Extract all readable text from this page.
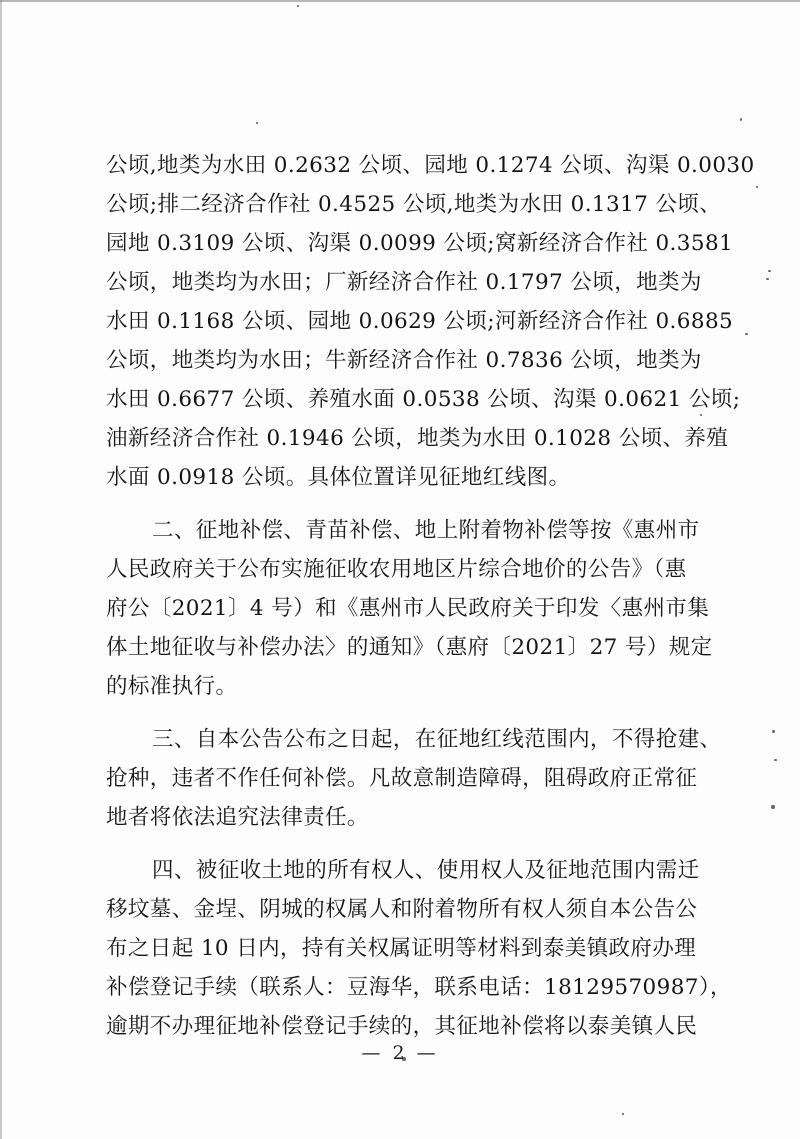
公顷,地类为水田 0.2632 公顷、园地 0.1274 公顷、沟渠 0.0030
公顷;排二经济合作社 0.4525 公顷,地类为水田 0.1317 公顷、
园地 0.3109 公顷、沟渠 0.0099 公顷;窝新经济合作社 0.3581
公顷，地类均为水田；厂新经济合作社 0.1797 公顷，地类为
水田 0.1168 公顷、园地 0.0629 公顷;河新经济合作社 0.6885
公顷，地类均为水田；牛新经济合作社 0.7836 公顷，地类为
水田 0.6677 公顷、养殖水面 0.0538 公顷、沟渠 0.0621 公顷;
油新经济合作社 0.1946 公顷，地类为水田 0.1028 公顷、养殖
水面 0.0918 公顷。具体位置详见征地红线图。

二、征地补偿、青苗补偿、地上附着物补偿等按《惠州市
人民政府关于公布实施征收农用地区片综合地价的公告》（惠
府公〔2021〕4 号）和《惠州市人民政府关于印发〈惠州市集
体土地征收与补偿办法〉的通知》（惠府〔2021〕27 号）规定
的标准执行。

三、自本公告公布之日起，在征地红线范围内，不得抢建、
抢种，违者不作任何补偿。凡故意制造障碍，阻碍政府正常征
地者将依法追究法律责任。

四、被征收土地的所有权人、使用权人及征地范围内需迁
移坟墓、金埕、阴城的权属人和附着物所有权人须自本公告公
布之日起 10 日内，持有关权属证明等材料到泰美镇政府办理
补偿登记手续（联系人：豆海华，联系电话：18129570987），
逾期不办理征地补偿登记手续的，其征地补偿将以泰美镇人民

— 2 —
